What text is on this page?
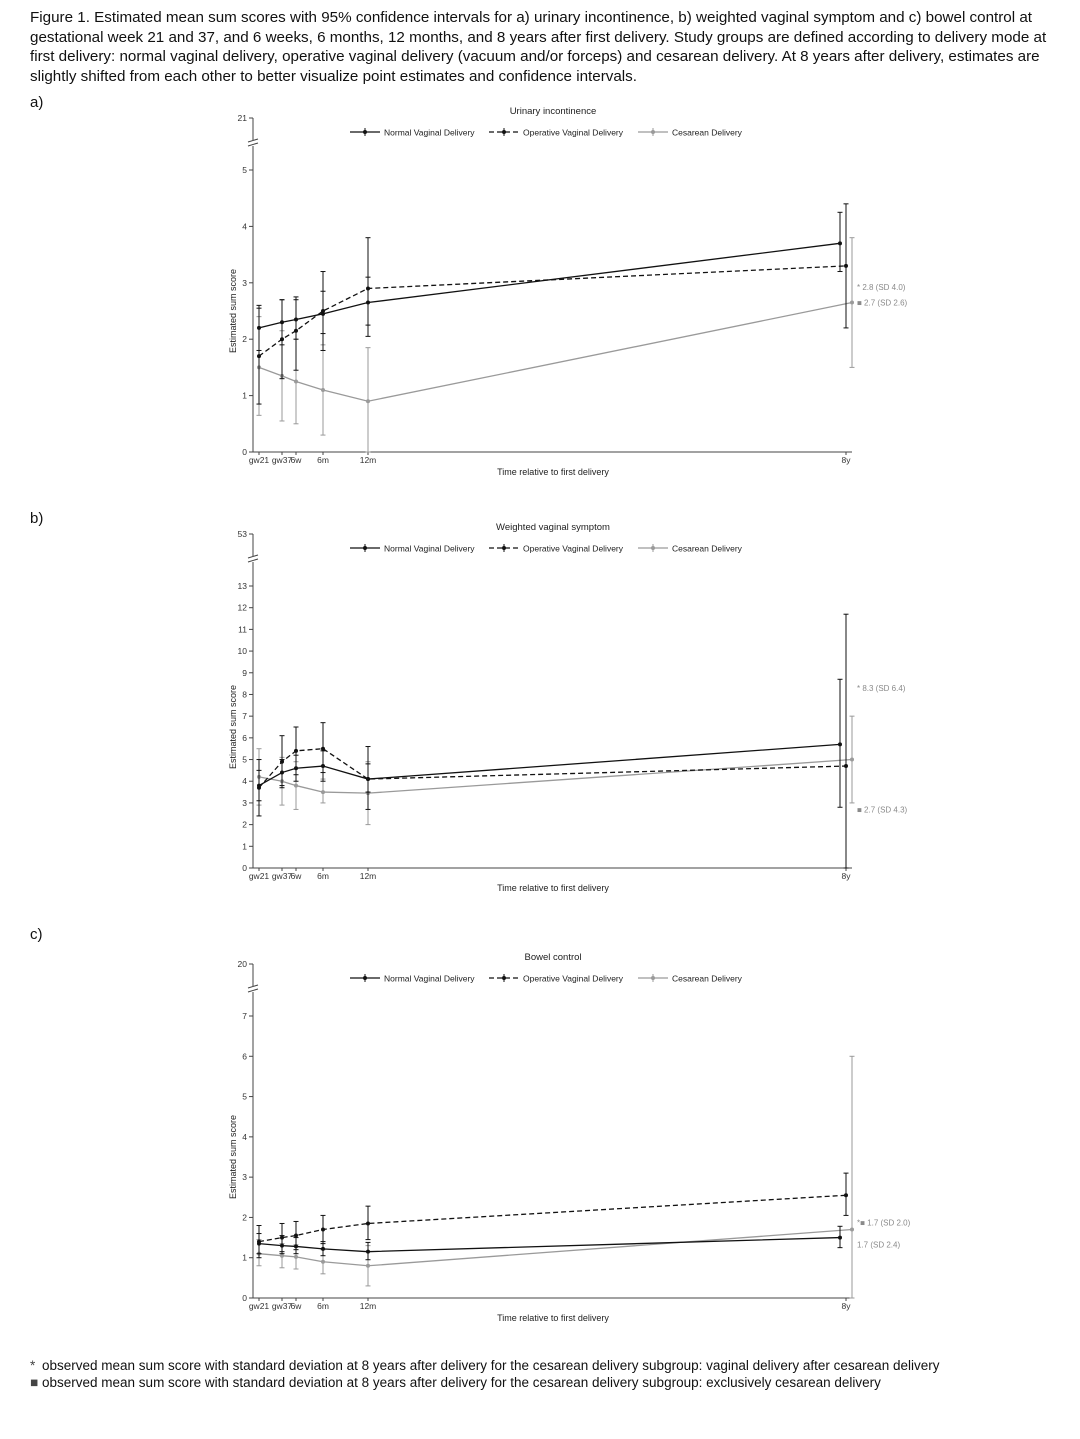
Figure 1. Estimated mean sum scores with 95% confidence intervals for a) urinary incontinence, b) weighted vaginal symptom and c) bowel control at gestational week 21 and 37, and 6 weeks, 6 months, 12 months, and 8 years after first delivery. Study groups are defined according to delivery mode at first delivery: normal vaginal delivery, operative vaginal delivery (vacuum and/or forceps) and cesarean delivery. At 8 years after delivery, estimates are slightly shifted from each other to better visualize point estimates and confidence intervals.
a)
b)
c)
Urinary incontinence
Normal Vaginal Delivery	Operative Vaginal Delivery	Cesarean Delivery
21
0
1
2
3
4
5
Estimated sum score
gw21 gw37
6w 6m	12m	8y
Time relative to first delivery
* 2.8 (SD 4.0)
■ 2.7 (SD 2.6)
Weighted vaginal symptom
Normal Vaginal Delivery	Operative Vaginal Delivery	Cesarean Delivery
53
0
1
2
3
4
5
6
7
8
9
10
11
12
13
Estimated sum score
gw21 gw37
6w 6m	12m	8y
Time relative to first delivery
* 8.3 (SD 6.4)
■ 2.7 (SD 4.3)
Bowel control
Normal Vaginal Delivery	Operative Vaginal Delivery	Cesarean Delivery
20
0
1
2
3
4
5
6
7
Estimated sum score
gw21 gw37
6w 6m	12m	8y
Time relative to first delivery
*■ 1.7 (SD 2.0)
1.7 (SD 2.4)
* observed mean sum score with standard deviation at 8 years after delivery for the cesarean delivery subgroup: vaginal delivery after cesarean delivery
■ observed mean sum score with standard deviation at 8 years after delivery for the cesarean delivery subgroup: exclusively cesarean delivery
